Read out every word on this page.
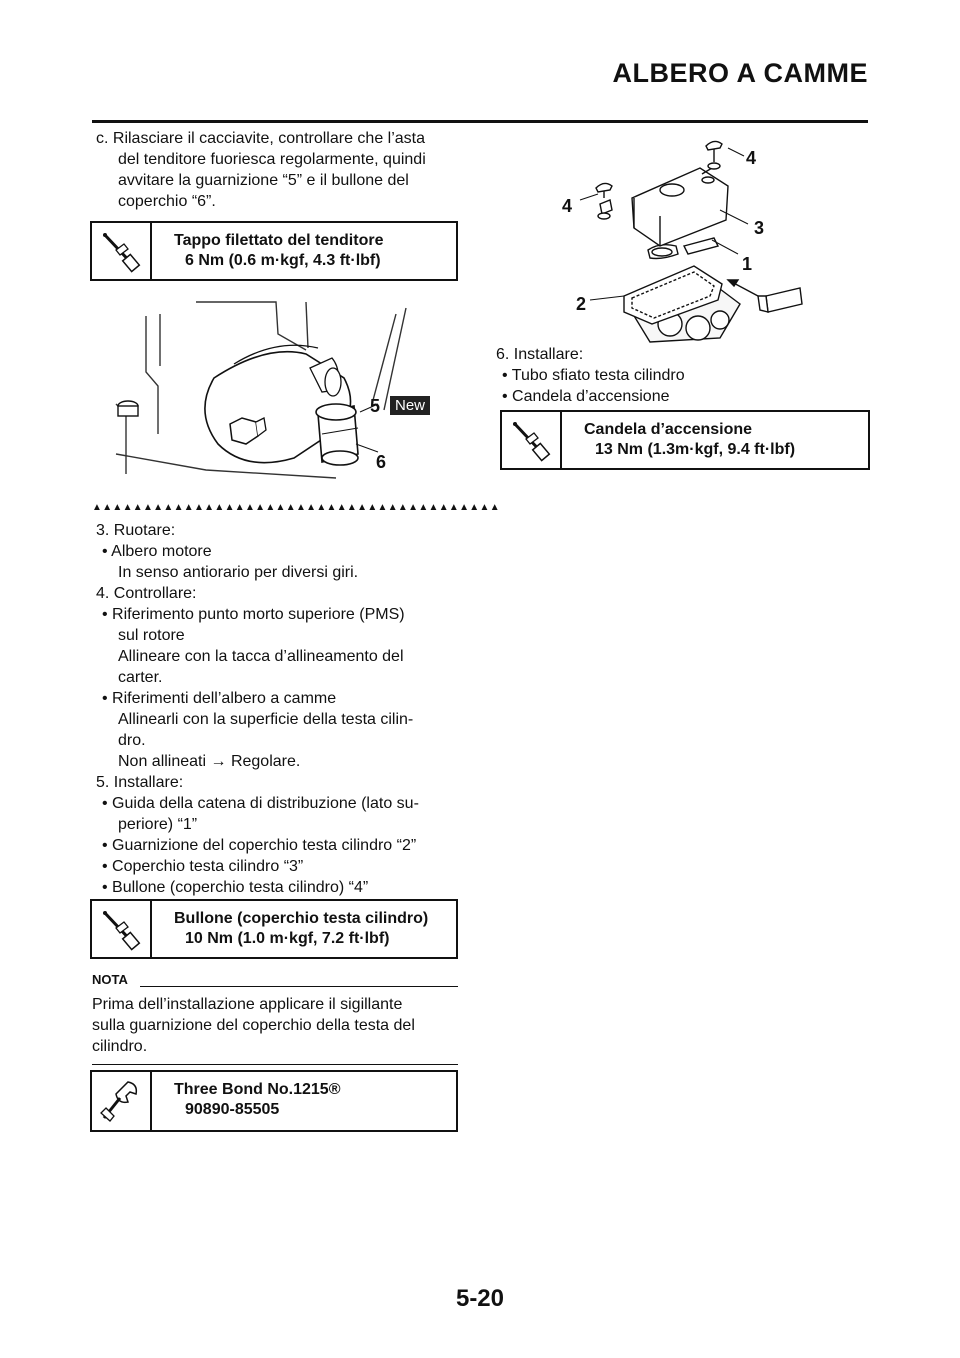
ALBERO A CAMME
c. Rilasciare il cacciavite, controllare che l’asta
del tenditore fuoriesca regolarmente, quindi
avvitare la guarnizione “5” e il bullone del
coperchio “6”.
Tappo filettato del tenditore
6 Nm (0.6 m·kgf, 4.3 ft·lbf)
5 New
6
▲▲▲▲▲▲▲▲▲▲▲▲▲▲▲▲▲▲▲▲▲▲▲▲▲▲▲▲▲▲▲▲▲▲▲▲▲▲▲▲
3. Ruotare:
• Albero motore
In senso antiorario per diversi giri.
4. Controllare:
• Riferimento punto morto superiore (PMS)
sul rotore
Allineare con la tacca d’allineamento del
carter.
• Riferimenti dell’albero a camme
Allinearli con la superficie della testa cilin-
dro.
Non allineati → Regolare.
5. Installare:
• Guida della catena di distribuzione (lato su-
periore) “1”
• Guarnizione del coperchio testa cilindro “2”
• Coperchio testa cilindro “3”
• Bullone (coperchio testa cilindro) “4”
Bullone (coperchio testa cilindro)
10 Nm (1.0 m·kgf, 7.2 ft·lbf)
NOTA
Prima dell’installazione applicare il sigillante
sulla guarnizione del coperchio della testa del
cilindro.
Three Bond No.1215®
90890-85505
4
4
3
1
2
6. Installare:
• Tubo sfiato testa cilindro
• Candela d’accensione
Candela d’accensione
13 Nm (1.3m·kgf, 9.4 ft·lbf)
5-20
